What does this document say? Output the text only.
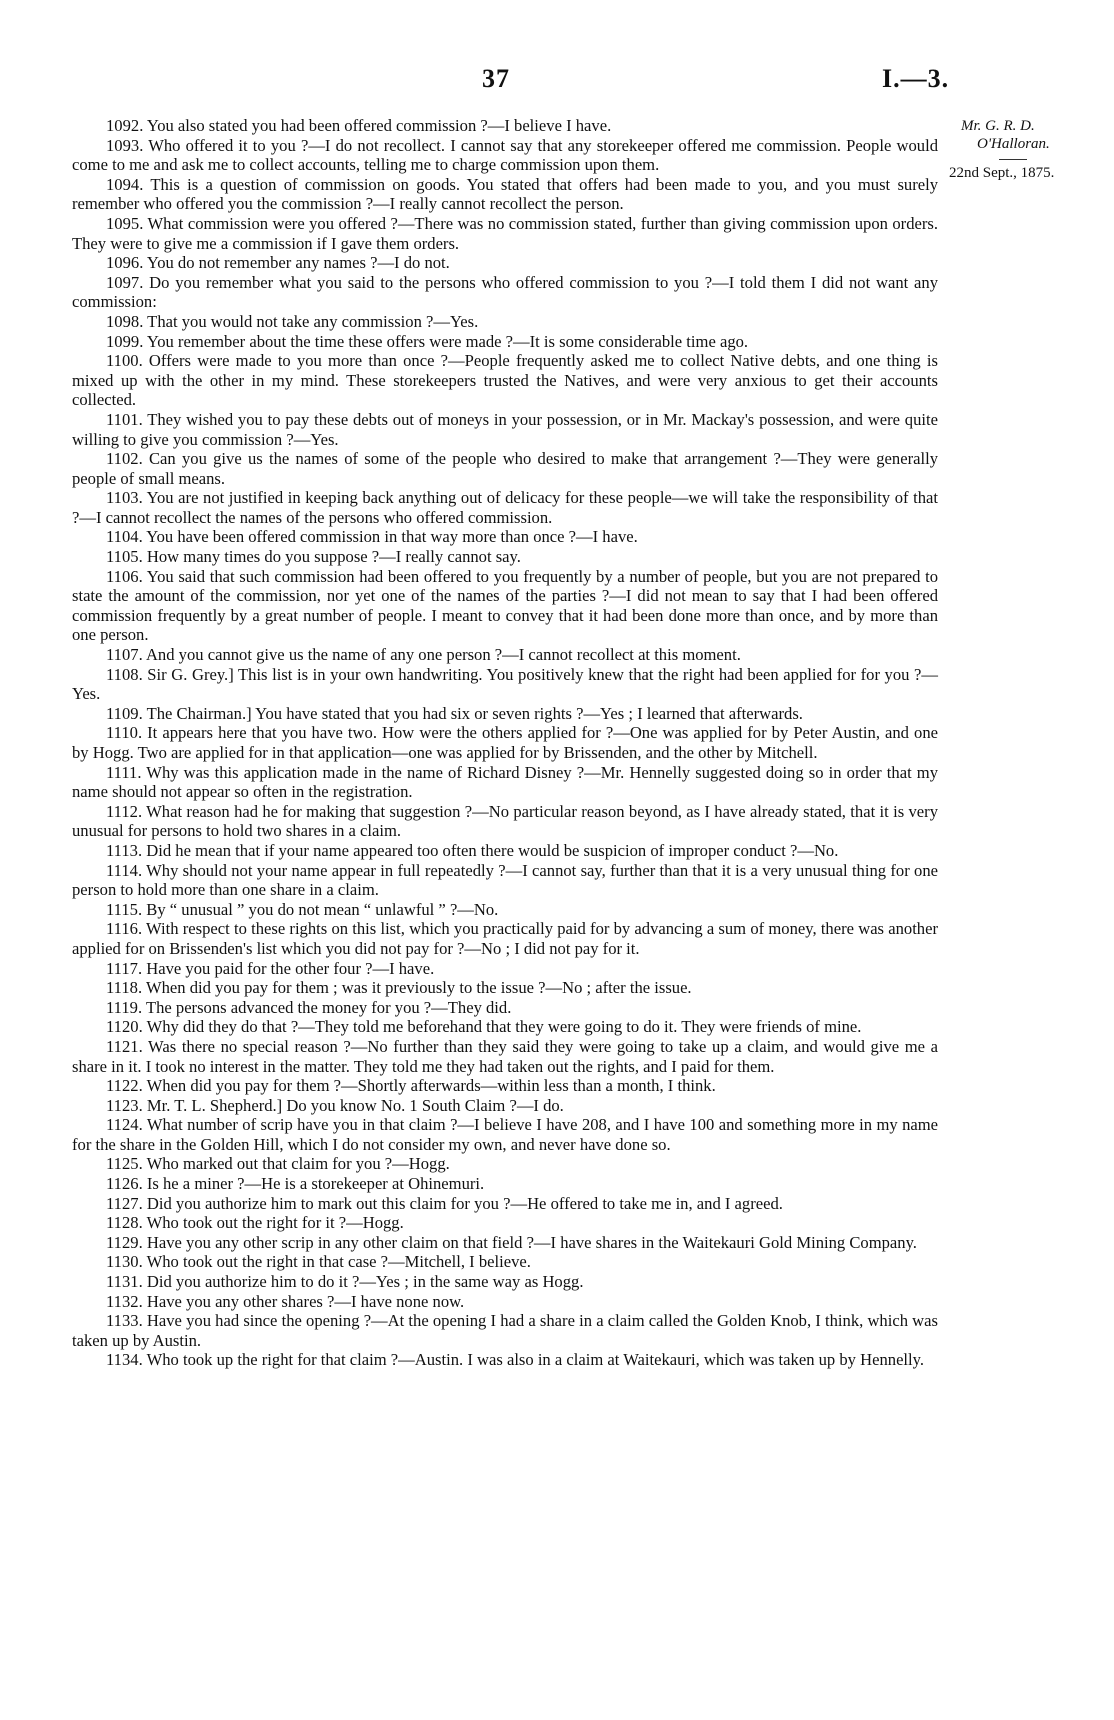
37	I.—3.
Mr. G. R. D.
O'Halloran.
22nd Sept., 1875.

1092. You also stated you had been offered commission ?—I believe I have.

1093. Who offered it to you ?—I do not recollect. I cannot say that any storekeeper offered me commission. People would come to me and ask me to collect accounts, telling me to charge commission upon them.

1094. This is a question of commission on goods. You stated that offers had been made to you, and you must surely remember who offered you the commission ?—I really cannot recollect the person.

1095. What commission were you offered ?—There was no commission stated, further than giving commission upon orders. They were to give me a commission if I gave them orders.

1096. You do not remember any names ?—I do not.

1097. Do you remember what you said to the persons who offered commission to you ?—I told them I did not want any commission:

1098. That you would not take any commission ?—Yes.

1099. You remember about the time these offers were made ?—It is some considerable time ago.

1100. Offers were made to you more than once ?—People frequently asked me to collect Native debts, and one thing is mixed up with the other in my mind. These storekeepers trusted the Natives, and were very anxious to get their accounts collected.

1101. They wished you to pay these debts out of moneys in your possession, or in Mr. Mackay's possession, and were quite willing to give you commission ?—Yes.

1102. Can you give us the names of some of the people who desired to make that arrangement ?—They were generally people of small means.

1103. You are not justified in keeping back anything out of delicacy for these people—we will take the responsibility of that ?—I cannot recollect the names of the persons who offered commission.

1104. You have been offered commission in that way more than once ?—I have.

1105. How many times do you suppose ?—I really cannot say.

1106. You said that such commission had been offered to you frequently by a number of people, but you are not prepared to state the amount of the commission, nor yet one of the names of the parties ?—I did not mean to say that I had been offered commission frequently by a great number of people. I meant to convey that it had been done more than once, and by more than one person.

1107. And you cannot give us the name of any one person ?—I cannot recollect at this moment.

1108. Sir G. Grey.] This list is in your own handwriting. You positively knew that the right had been applied for for you ?—Yes.

1109. The Chairman.] You have stated that you had six or seven rights ?—Yes ; I learned that afterwards.

1110. It appears here that you have two. How were the others applied for ?—One was applied for by Peter Austin, and one by Hogg. Two are applied for in that application—one was applied for by Brissenden, and the other by Mitchell.

1111. Why was this application made in the name of Richard Disney ?—Mr. Hennelly suggested doing so in order that my name should not appear so often in the registration.

1112. What reason had he for making that suggestion ?—No particular reason beyond, as I have already stated, that it is very unusual for persons to hold two shares in a claim.

1113. Did he mean that if your name appeared too often there would be suspicion of improper conduct ?—No.

1114. Why should not your name appear in full repeatedly ?—I cannot say, further than that it is a very unusual thing for one person to hold more than one share in a claim.

1115. By “ unusual ” you do not mean “ unlawful ” ?—No.

1116. With respect to these rights on this list, which you practically paid for by advancing a sum of money, there was another applied for on Brissenden's list which you did not pay for ?—No ; I did not pay for it.

1117. Have you paid for the other four ?—I have.

1118. When did you pay for them ; was it previously to the issue ?—No ; after the issue.

1119. The persons advanced the money for you ?—They did.

1120. Why did they do that ?—They told me beforehand that they were going to do it. They were friends of mine.

1121. Was there no special reason ?—No further than they said they were going to take up a claim, and would give me a share in it. I took no interest in the matter. They told me they had taken out the rights, and I paid for them.

1122. When did you pay for them ?—Shortly afterwards—within less than a month, I think.

1123. Mr. T. L. Shepherd.] Do you know No. 1 South Claim ?—I do.

1124. What number of scrip have you in that claim ?—I believe I have 208, and I have 100 and something more in my name for the share in the Golden Hill, which I do not consider my own, and never have done so.

1125. Who marked out that claim for you ?—Hogg.

1126. Is he a miner ?—He is a storekeeper at Ohinemuri.

1127. Did you authorize him to mark out this claim for you ?—He offered to take me in, and I agreed.

1128. Who took out the right for it ?—Hogg.

1129. Have you any other scrip in any other claim on that field ?—I have shares in the Waitekauri Gold Mining Company.

1130. Who took out the right in that case ?—Mitchell, I believe.

1131. Did you authorize him to do it ?—Yes ; in the same way as Hogg.

1132. Have you any other shares ?—I have none now.

1133. Have you had since the opening ?—At the opening I had a share in a claim called the Golden Knob, I think, which was taken up by Austin.

1134. Who took up the right for that claim ?—Austin. I was also in a claim at Waitekauri, which was taken up by Hennelly.
